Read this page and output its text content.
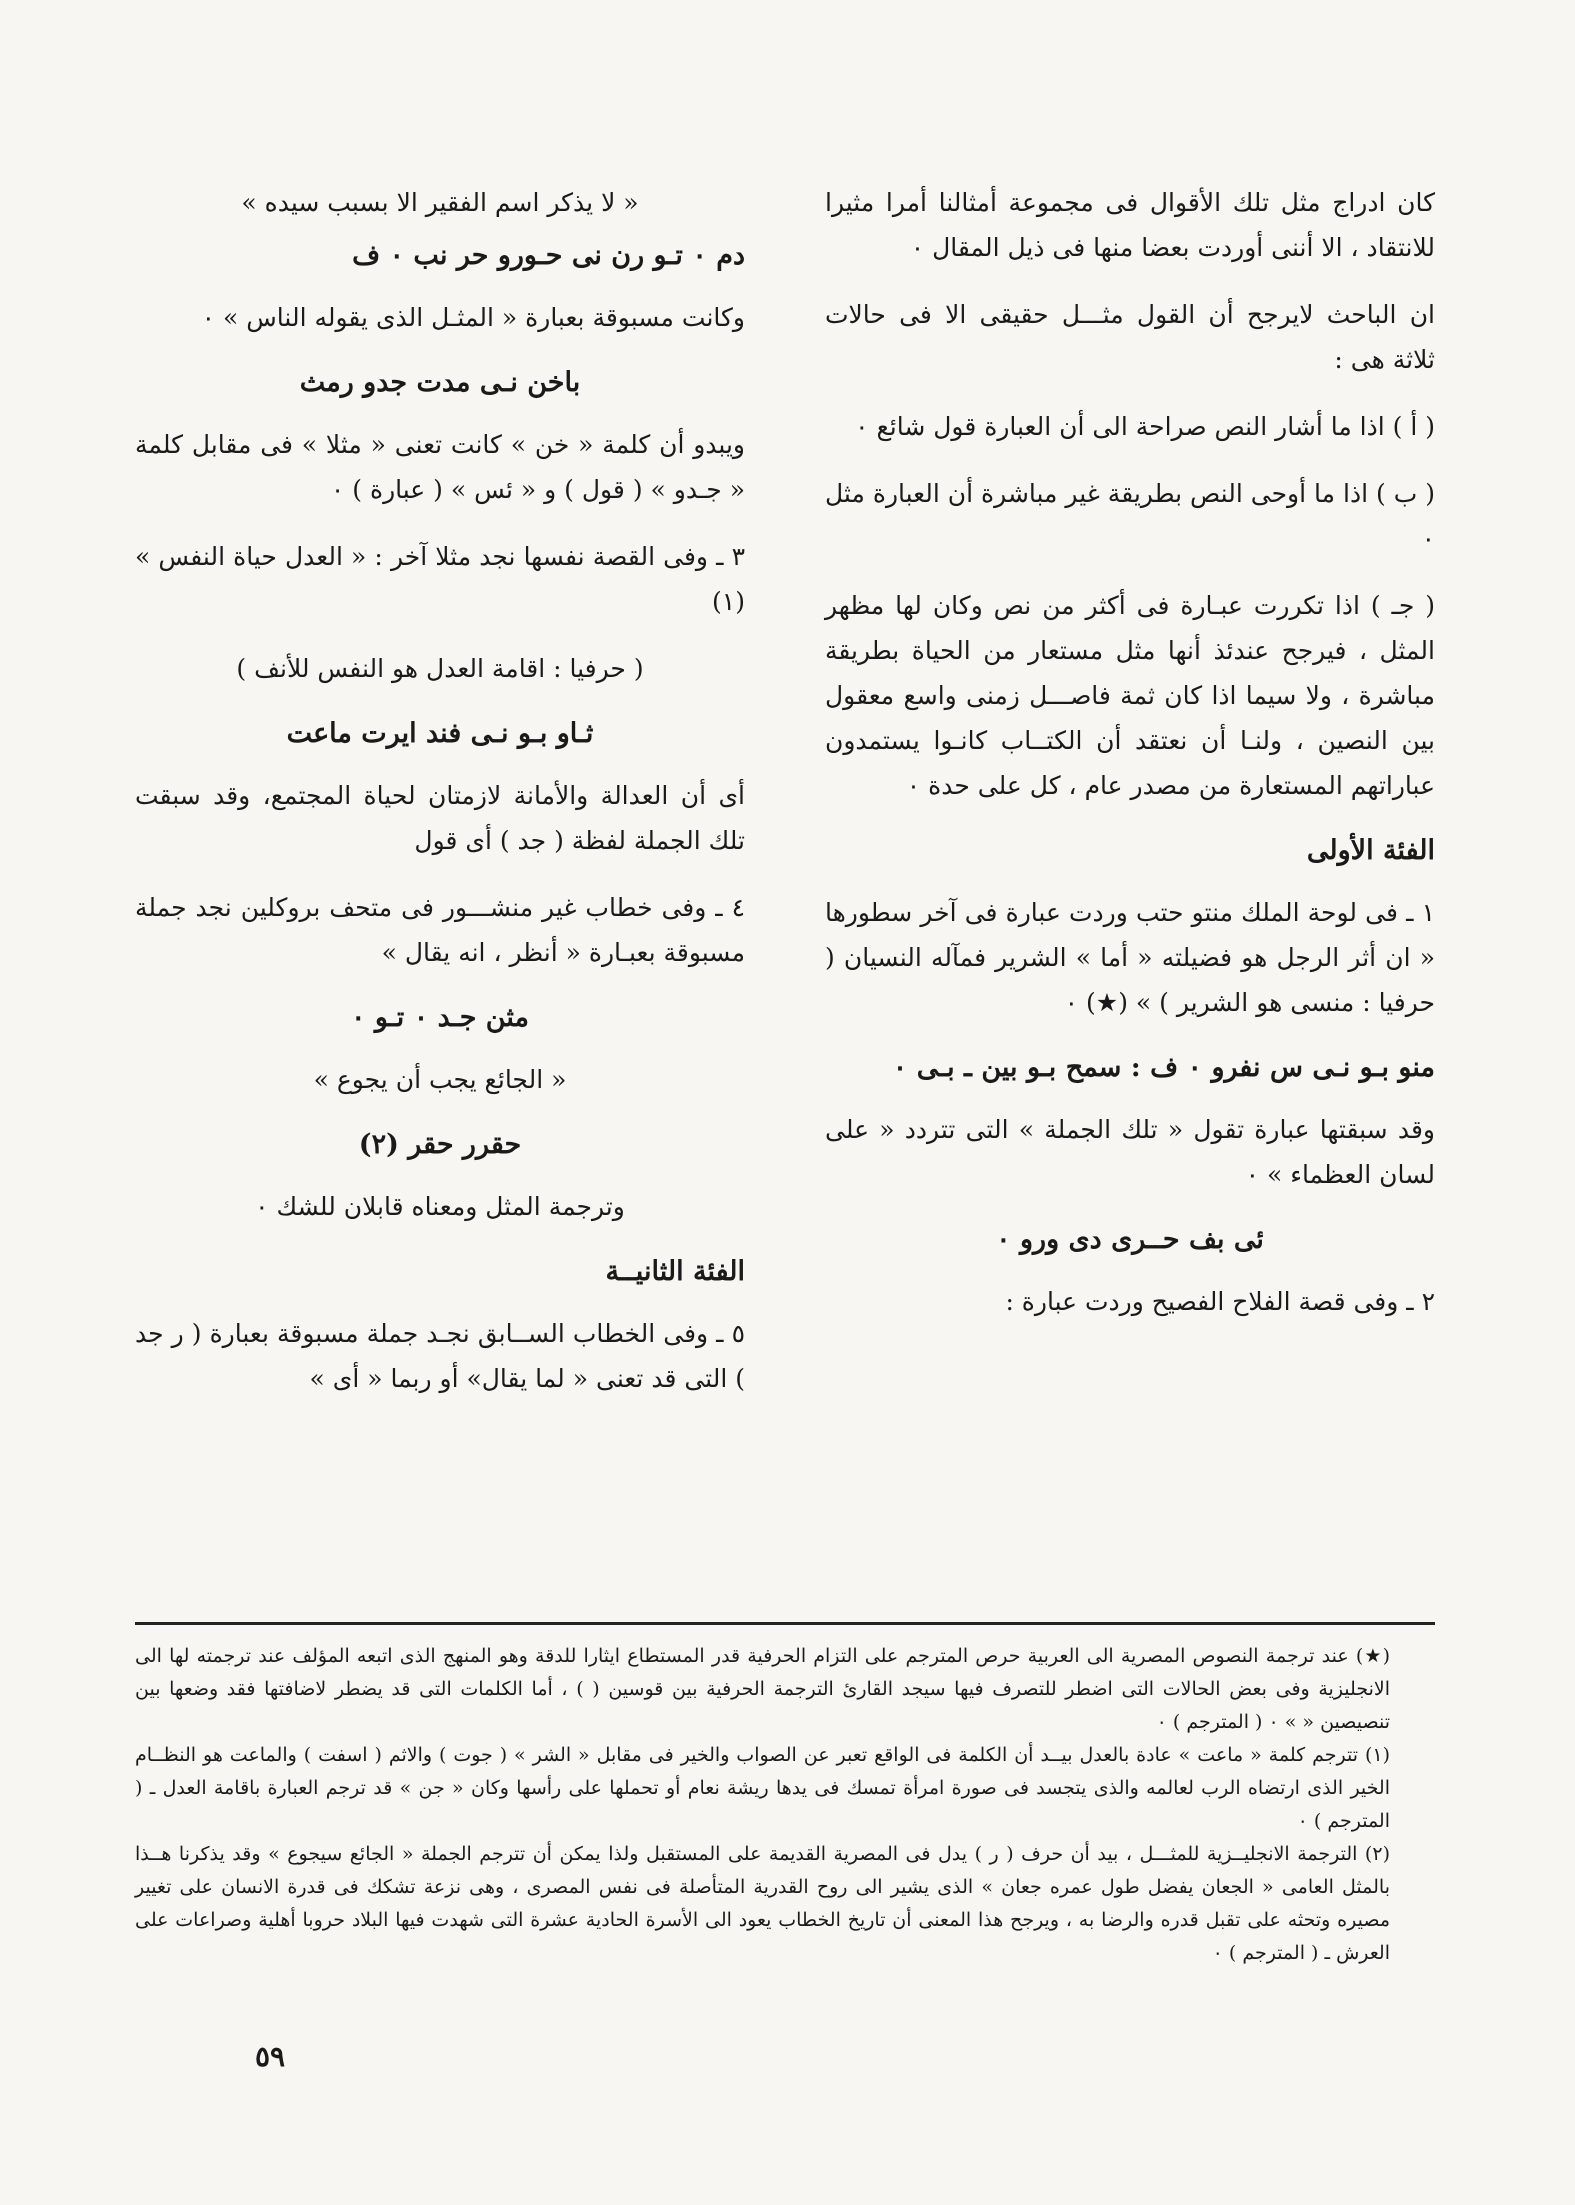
كان ادراج مثل تلك الأقوال فى مجموعة أمثالنا أمرا مثيرا للانتقاد ، الا أننى أوردت بعضا منها فى ذيل المقال ٠

ان الباحث لايرجح أن القول مثـــل حقيقى الا فى حالات ثلاثة هى :

( أ ) اذا ما أشار النص صراحة الى أن العبارة قول شائع ٠

( ب ) اذا ما أوحى النص بطريقة غير مباشرة أن العبارة مثل ٠

( جـ ) اذا تكررت عبـارة فى أكثر من نص وكان لها مظهر المثل ، فيرجح عندئذ أنها مثل مستعار من الحياة بطريقة مباشرة ، ولا سيما اذا كان ثمة فاصـــل زمنى واسع معقول بين النصين ، ولنـا أن نعتقد أن الكتــاب كانـوا يستمدون عباراتهم المستعارة من مصدر عام ، كل على حدة ٠

الفئة الأولى

١ ـ فى لوحة الملك منتو حتب وردت عبارة فى آخر سطورها « ان أثر الرجل هو فضيلته « أما » الشرير فمآله النسيان ( حرفيا : منسى هو الشرير ) » (★) ٠

منو بـو نـى س نفرو ٠ ف : سمح بـو بين ـ بـى ٠

وقد سبقتها عبارة تقول « تلك الجملة » التى تتردد « على لسان العظماء » ٠

ئى بف حــرى دى ورو ٠

٢ ـ وفى قصة الفلاح الفصيح وردت عبارة :

« لا يذكر اسم الفقير الا بسبب سيده »

دم ٠ تـو رن نى حـورو حر نب ٠ ف

وكانت مسبوقة بعبارة « المثـل الذى يقوله الناس » ٠

باخن نـى مدت جدو رمث

ويبدو أن كلمة « خن » كانت تعنى « مثلا » فى مقابل كلمة « جـدو » ( قول ) و « ئس » ( عبارة ) ٠

٣ ـ وفى القصة نفسها نجد مثلا آخر : « العدل حياة النفس » (١)

( حرفيا : اقامة العدل هو النفس للأنف )

ثـاو بـو نـى فند ايرت ماعت

أى أن العدالة والأمانة لازمتان لحياة المجتمع، وقد سبقت تلك الجملة لفظة ( جد ) أى قول

٤ ـ وفى خطاب غير منشـــور فى متحف بروكلين نجد جملة مسبوقة بعبـارة « أنظر ، انه يقال »

مثن جـد ٠ تـو ٠

« الجائع يجب أن يجوع »

حقرر حقر (٢)

وترجمة المثل ومعناه قابلان للشك ٠

الفئة الثانيــة

٥ ـ وفى الخطاب الســابق نجـد جملة مسبوقة بعبارة ( ر جد ) التى قد تعنى « لما يقال» أو ربما « أى »

(★) عند ترجمة النصوص المصرية الى العربية حرص المترجم على التزام الحرفية قدر المستطاع ايثارا للدقة وهو المنهج الذى اتبعه المؤلف عند ترجمته لها الى الانجليزية وفى بعض الحالات التى اضطر للتصرف فيها سيجد القارئ الترجمة الحرفية بين قوسين ( ) ، أما الكلمات التى قد يضطر لاضافتها فقد وضعها بين تنصيصين « » ٠ ( المترجم ) ٠

(١) تترجم كلمة « ماعت » عادة بالعدل بيــد أن الكلمة فى الواقع تعبر عن الصواب والخير فى مقابل « الشر » ( جوت ) والاثم ( اسفت ) والماعت هو النظــام الخير الذى ارتضاه الرب لعالمه والذى يتجسد فى صورة امرأة تمسك فى يدها ريشة نعام أو تحملها على رأسها وكان « جن » قد ترجم العبارة باقامة العدل ـ ( المترجم ) ٠

(٢) الترجمة الانجليــزية للمثـــل ، بيد أن حرف ( ر ) يدل فى المصرية القديمة على المستقبل ولذا يمكن أن تترجم الجملة « الجائع سيجوع » وقد يذكرنا هــذا بالمثل العامى « الجعان يفضل طول عمره جعان » الذى يشير الى روح القدرية المتأصلة فى نفس المصرى ، وهى نزعة تشكك فى قدرة الانسان على تغيير مصيره وتحثه على تقبل قدره والرضا به ، ويرجح هذا المعنى أن تاريخ الخطاب يعود الى الأسرة الحادية عشرة التى شهدت فيها البلاد حروبا أهلية وصراعات على العرش ـ ( المترجم ) ٠

٥٩
